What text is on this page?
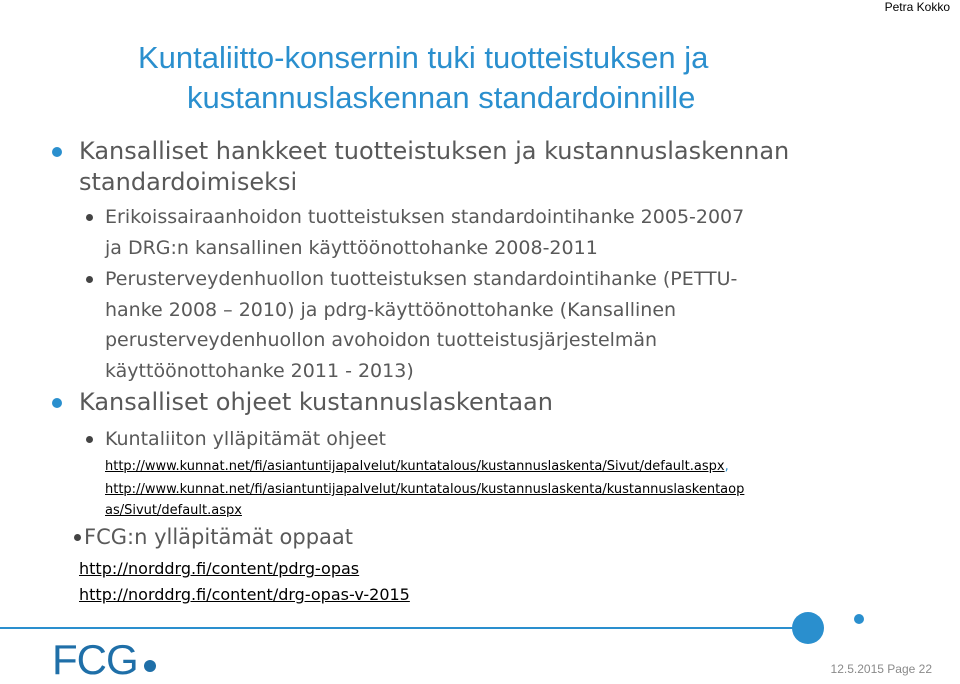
Petra Kokko
Kuntaliitto-konsernin tuki tuotteistuksen ja
kustannuslaskennan standardoinnille
Kansalliset hankkeet tuotteistuksen ja kustannuslaskennan
standardoimiseksi
Erikoissairaanhoidon tuotteistuksen standardointihanke 2005-2007
ja DRG:n kansallinen käyttöönottohanke 2008-2011
Perusterveydenhuollon tuotteistuksen standardointihanke (PETTU-
hanke 2008 – 2010) ja pdrg-käyttöönottohanke (Kansallinen
perusterveydenhuollon avohoidon tuotteistusjärjestelmän
käyttöönottohanke 2011 - 2013)
Kansalliset ohjeet kustannuslaskentaan
Kuntaliiton ylläpitämät ohjeet
http://www.kunnat.net/fi/asiantuntijapalvelut/kuntatalous/kustannuslaskenta/Sivut/default.aspx,
http://www.kunnat.net/fi/asiantuntijapalvelut/kuntatalous/kustannuslaskenta/kustannuslaskentaop
as/Sivut/default.aspx
FCG:n ylläpitämät oppaat
http://norddrg.fi/content/pdrg-opas
http://norddrg.fi/content/drg-opas-v-2015
FCG	12.5.2015 Page 22
